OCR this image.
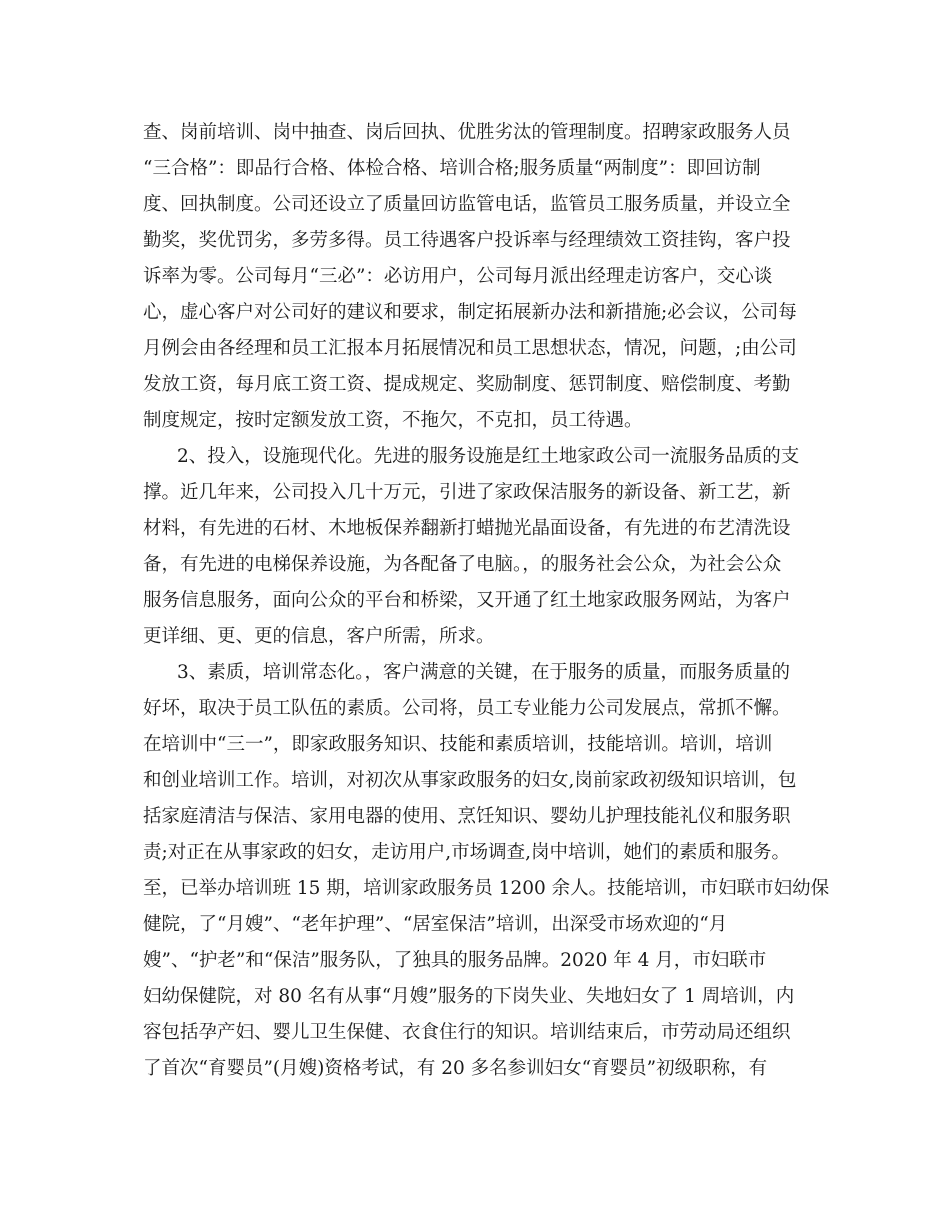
查、岗前培训、岗中抽查、岗后回执、优胜劣汰的管理制度。招聘家政服务人员
“三合格”：即品行合格、体检合格、培训合格;服务质量“两制度”：即回访制
度、回执制度。公司还设立了质量回访监管电话，监管员工服务质量，并设立全
勤奖，奖优罚劣，多劳多得。员工待遇客户投诉率与经理绩效工资挂钩，客户投
诉率为零。公司每月“三必”：必访用户，公司每月派出经理走访客户，交心谈
心，虚心客户对公司好的建议和要求，制定拓展新办法和新措施;必会议，公司每
月例会由各经理和员工汇报本月拓展情况和员工思想状态，情况，问题，;由公司
发放工资，每月底工资工资、提成规定、奖励制度、惩罚制度、赔偿制度、考勤
制度规定，按时定额发放工资，不拖欠，不克扣，员工待遇。
2、投入，设施现代化。先进的服务设施是红土地家政公司一流服务品质的支
撑。近几年来，公司投入几十万元，引进了家政保洁服务的新设备、新工艺，新
材料，有先进的石材、木地板保养翻新打蜡抛光晶面设备，有先进的布艺清洗设
备，有先进的电梯保养设施，为各配备了电脑。，的服务社会公众，为社会公众
服务信息服务，面向公众的平台和桥梁，又开通了红土地家政服务网站，为客户
更详细、更、更的信息，客户所需，所求。
3、素质，培训常态化。，客户满意的关键，在于服务的质量，而服务质量的
好坏，取决于员工队伍的素质。公司将，员工专业能力公司发展点，常抓不懈。
在培训中“三一”，即家政服务知识、技能和素质培训，技能培训。培训，培训
和创业培训工作。培训，对初次从事家政服务的妇女,岗前家政初级知识培训，包
括家庭清洁与保洁、家用电器的使用、烹饪知识、婴幼儿护理技能礼仪和服务职
责;对正在从事家政的妇女，走访用户,市场调查,岗中培训，她们的素质和服务。
至，已举办培训班 15 期，培训家政服务员 1200 余人。技能培训，市妇联市妇幼保
健院，了“月嫂”、“老年护理”、“居室保洁”培训，出深受市场欢迎的“月
嫂”、“护老”和“保洁”服务队，了独具的服务品牌。2020 年 4 月，市妇联市
妇幼保健院，对 80 名有从事“月嫂”服务的下岗失业、失地妇女了 1 周培训，内
容包括孕产妇、婴儿卫生保健、衣食住行的知识。培训结束后，市劳动局还组织
了首次“育婴员”(月嫂)资格考试，有 20 多名参训妇女“育婴员”初级职称，有
